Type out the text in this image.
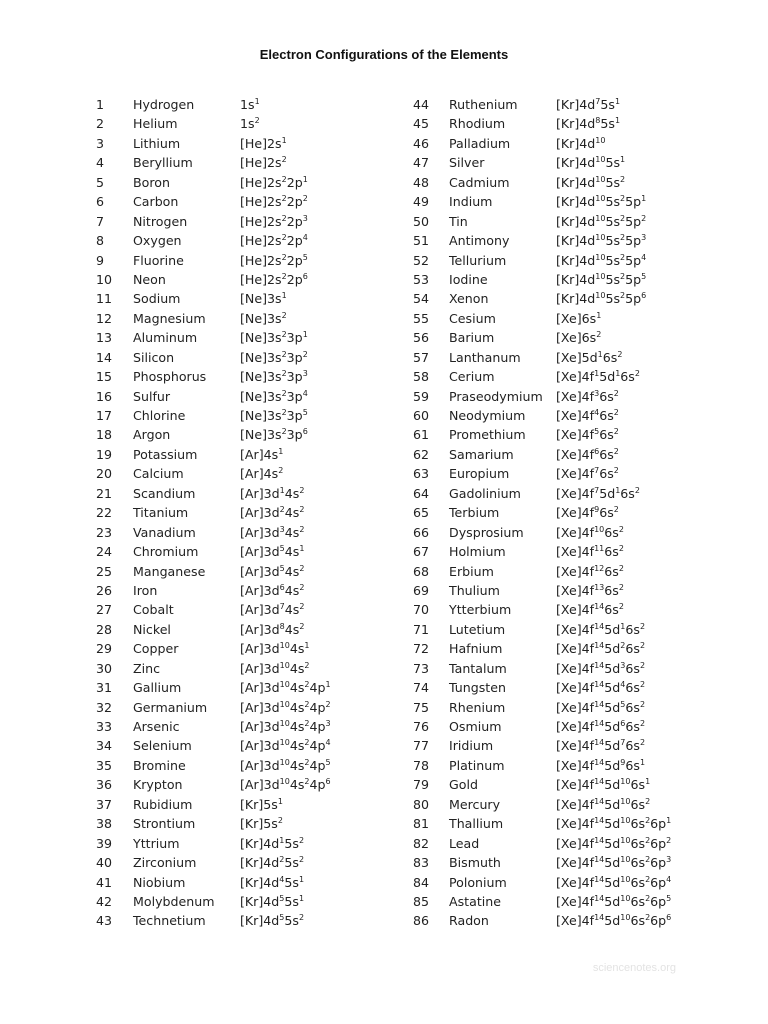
Electron Configurations of the Elements
1 Hydrogen	$1s^1$
2 Helium	$1s^2$
3 Lithium	$[He]2s^1$
4 Beryllium	$[He]2s^2$
5 Boron	$[He]2s^22p^1$
6 Carbon	$[He]2s^22p^2$
7 Nitrogen	$[He]2s^22p^3$
8 Oxygen	$[He]2s^22p^4$
9 Fluorine	$[He]2s^22p^5$
10 Neon	$[He]2s^22p^6$
11 Sodium	$[Ne]3s^1$
12 Magnesium	$[Ne]3s^2$
13 Aluminum	$[Ne]3s^23p^1$
14 Silicon	$[Ne]3s^23p^2$
15 Phosphorus	$[Ne]3s^23p^3$
16 Sulfur	$[Ne]3s^23p^4$
17 Chlorine	$[Ne]3s^23p^5$
18 Argon	$[Ne]3s^23p^6$
19 Potassium	$[Ar]4s^1$
20 Calcium	$[Ar]4s^2$
21 Scandium	$[Ar]3d^14s^2$
22 Titanium	$[Ar]3d^24s^2$
23 Vanadium	$[Ar]3d^34s^2$
24 Chromium	$[Ar]3d^54s^1$
25 Manganese	$[Ar]3d^54s^2$
26 Iron	$[Ar]3d^64s^2$
27 Cobalt	$[Ar]3d^74s^2$
28 Nickel	$[Ar]3d^84s^2$
29 Copper	$[Ar]3d^{10}4s^1$
30 Zinc	$[Ar]3d^{10}4s^2$
31 Gallium	$[Ar]3d^{10}4s^24p^1$
32 Germanium	$[Ar]3d^{10}4s^24p^2$
33 Arsenic	$[Ar]3d^{10}4s^24p^3$
34 Selenium	$[Ar]3d^{10}4s^24p^4$
35 Bromine	$[Ar]3d^{10}4s^24p^5$
36 Krypton	$[Ar]3d^{10}4s^24p^6$
37 Rubidium	$[Kr]5s^1$
38 Strontium	$[Kr]5s^2$
39 Yttrium	$[Kr]4d^15s^2$
40 Zirconium	$[Kr]4d^25s^2$
41 Niobium	$[Kr]4d^45s^1$
42 Molybdenum $[Kr]4d^55s^1$
43 Technetium	$[Kr]4d^55s^2$
44 Ruthenium	$[Kr]4d^75s^1$
45 Rhodium	$[Kr]4d^85s^1$
46 Palladium	$[Kr]4d^{10}$
47 Silver	$[Kr]4d^{10}5s^1$
48 Cadmium	$[Kr]4d^{10}5s^2$
49 Indium	$[Kr]4d^{10}5s^25p^1$
50 Tin	$[Kr]4d^{10}5s^25p^2$
51 Antimony	$[Kr]4d^{10}5s^25p^3$
52 Tellurium	$[Kr]4d^{10}5s^25p^4$
53 Iodine	$[Kr]4d^{10}5s^25p^5$
54 Xenon	$[Kr]4d^{10}5s^25p^6$
55 Cesium	$[Xe]6s^1$
56 Barium	$[Xe]6s^2$
57 Lanthanum	$[Xe]5d^16s^2$
58 Cerium	$[Xe]4f^15d^16s^2$
59 Praseodymium $[Xe]4f^36s^2$
60 Neodymium $[Xe]4f^46s^2$
61 Promethium $[Xe]4f^56s^2$
62 Samarium	$[Xe]4f^66s^2$
63 Europium	$[Xe]4f^76s^2$
64 Gadolinium	$[Xe]4f^75d^16s^2$
65 Terbium	$[Xe]4f^96s^2$
66 Dysprosium	$[Xe]4f^{10}6s^2$
67 Holmium	$[Xe]4f^{11}6s^2$
68 Erbium	$[Xe]4f^{12}6s^2$
69 Thulium	$[Xe]4f^{13}6s^2$
70 Ytterbium	$[Xe]4f^{14}6s^2$
71 Lutetium	$[Xe]4f^{14}5d^16s^2$
72 Hafnium	$[Xe]4f^{14}5d^26s^2$
73 Tantalum	$[Xe]4f^{14}5d^36s^2$
74 Tungsten	$[Xe]4f^{14}5d^46s^2$
75 Rhenium	$[Xe]4f^{14}5d^56s^2$
76 Osmium	$[Xe]4f^{14}5d^66s^2$
77 Iridium	$[Xe]4f^{14}5d^76s^2$
78 Platinum	$[Xe]4f^{14}5d^96s^1$
79 Gold	$[Xe]4f^{14}5d^{10}6s^1$
80 Mercury	$[Xe]4f^{14}5d^{10}6s^2$
81 Thallium	$[Xe]4f^{14}5d^{10}6s^26p^1$
82 Lead	$[Xe]4f^{14}5d^{10}6s^26p^2$
83 Bismuth	$[Xe]4f^{14}5d^{10}6s^26p^3$
84 Polonium	$[Xe]4f^{14}5d^{10}6s^26p^4$
85 Astatine	$[Xe]4f^{14}5d^{10}6s^26p^5$
86 Radon	$[Xe]4f^{14}5d^{10}6s^26p^6$
sciencenotes.org
